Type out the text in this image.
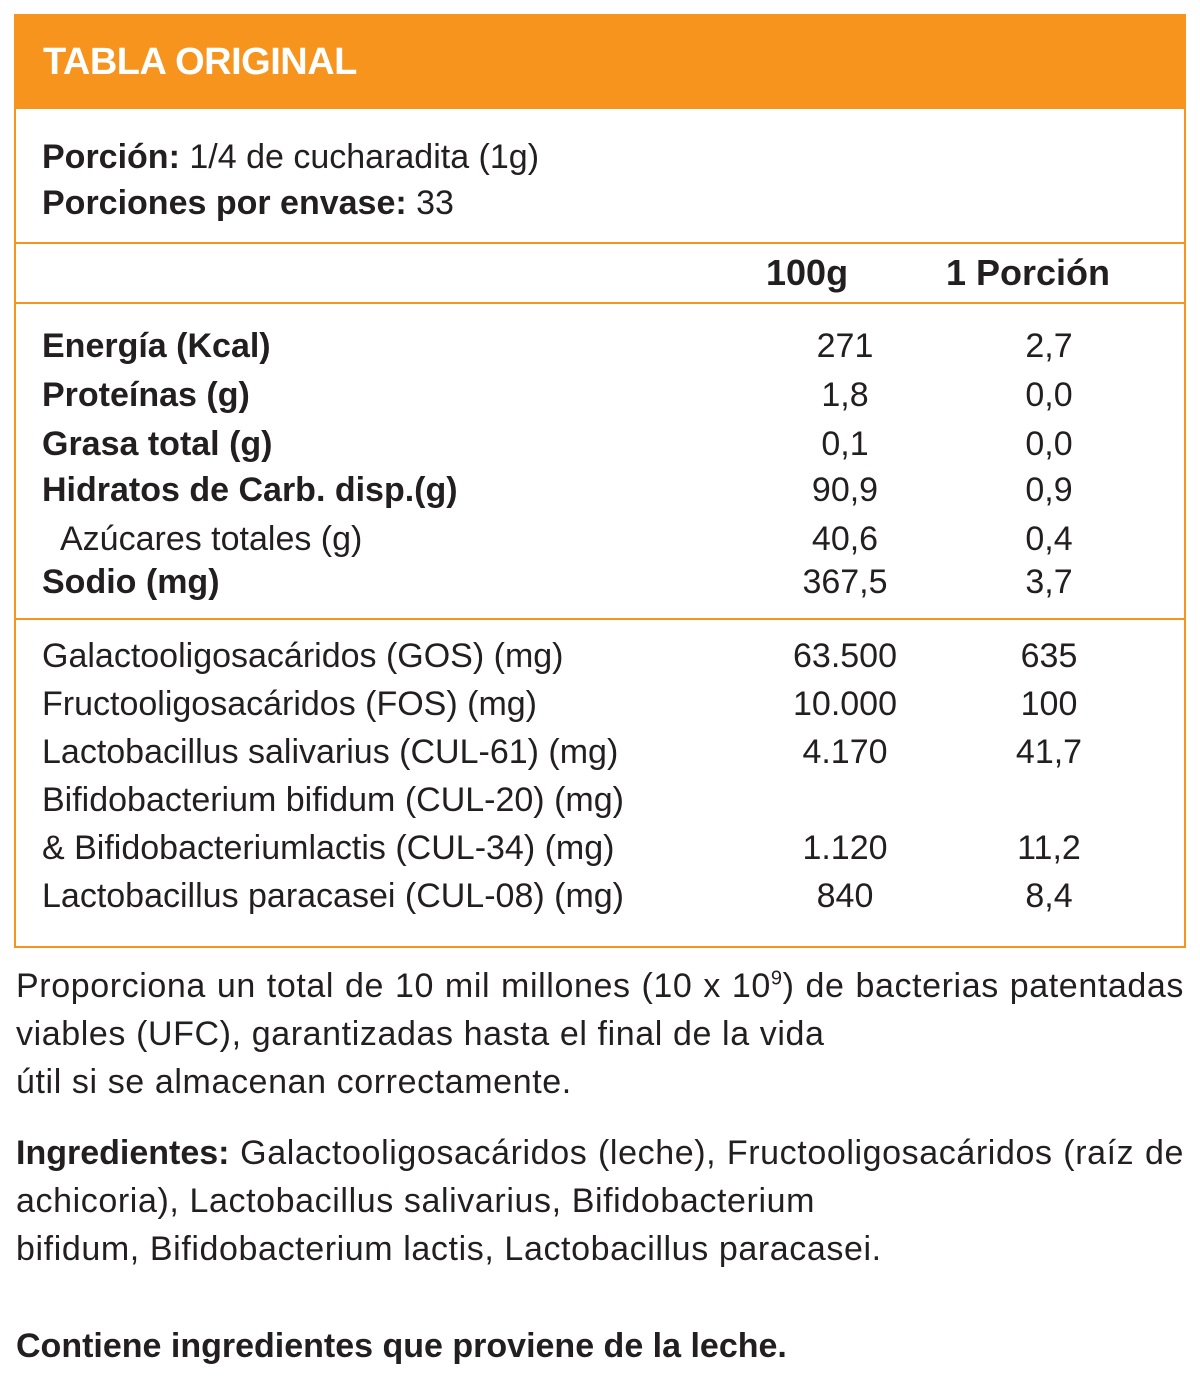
TABLA ORIGINAL
Porción: 1/4 de cucharadita (1g)
Porciones por envase: 33
100g	1 Porción
Energía (Kcal)	271	2,7
Proteínas (g)	1,8	0,0
Grasa total (g)	0,1	0,0
Hidratos de Carb. disp.(g)	90,9	0,9
Azúcares totales (g)	40,6	0,4
Sodio (mg)	367,5	3,7
Galactooligosacáridos (GOS) (mg)	63.500	635
Fructooligosacáridos (FOS) (mg)	10.000	100
Lactobacillus salivarius (CUL-61) (mg)	4.170	41,7
Bifidobacterium bifidum (CUL-20) (mg)
& Bifidobacteriumlactis (CUL-34) (mg)	1.120	11,2
Lactobacillus paracasei (CUL-08) (mg)	840	8,4
Proporciona un total de 10 mil millones (10 x $10^9$) de bacterias patentadas viables (UFC), garantizadas hasta el final de la vida
útil si se almacenan correctamente.
Ingredientes: Galactooligosacáridos (leche), Fructooligosacáridos (raíz de achicoria), Lactobacillus salivarius, Bifidobacterium
bifidum, Bifidobacterium lactis, Lactobacillus paracasei.
Contiene ingredientes que proviene de la leche.
